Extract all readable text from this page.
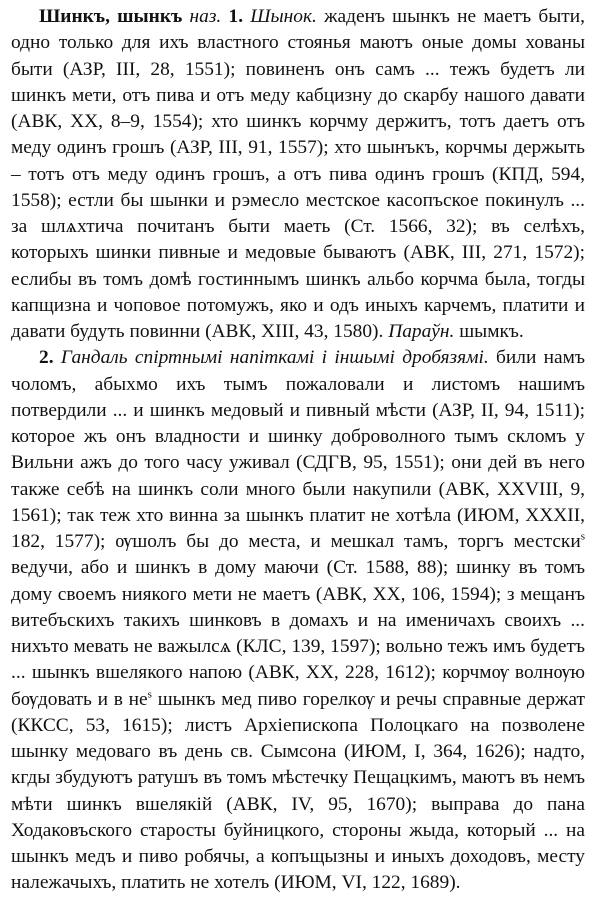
Шинкъ, шынкъ наз. 1. Шынок. жаденъ шынкъ не маетъ быти, одно только для ихъ властного стоянья маютъ оные домы хованы быти (АЗР, III, 28, 1551); повиненъ онъ самъ ... тежъ будетъ ли шинкъ мети, отъ пива и отъ меду кабцизну до скарбу нашого давати (АВК, XX, 8–9, 1554); хто шинкъ корчму держитъ, тотъ даетъ отъ меду одинъ грошъ (АЗР, III, 91, 1557); хто шынъкъ, корчмы держыть – тотъ отъ меду одинъ грошъ, а отъ пива одинъ грошъ (КПД, 594, 1558); естли бы шынки и рэмесло местское касопъское покинулъ ... за шлѧхтича почитанъ быти маеть (Ст. 1566, 32); въ селѣхъ, которыхъ шинки пивные и медовые бываютъ (АВК, III, 271, 1572); еслибы въ томъ домѣ гостиннымъ шинкъ альбо корчма была, тогды капщизна и чоповое потомужъ, яко и одъ иныхъ карчемъ, платити и давати будуть повинни (АВК, XIII, 43, 1580). Параўн. шымкъ.

2. Гандаль спіртнымі напіткамі і іншымі дробязямі. били намъ чоломъ, абыхмо ихъ тымъ пожаловали и листомъ нашимъ потвердили ... и шинкъ медовый и пивный мѣсти (АЗР, II, 94, 1511); которое жъ онъ владности и шинку доброволного тымъ скломъ у Вильни ажъ до того часу уживал (СДГВ, 95, 1551); они дей въ него также себѣ на шинкъ соли много были накупили (АВК, XXVIII, 9, 1561); так теж хто винна за шынкъ платит не хотѣла (ИЮМ, XXXII, 182, 1577); ѹшолъ бы до места, и мешкал тамъ, торгъ местски$^s$ ведучи, або и шинкъ в дому маючи (Ст. 1588, 88); шинку въ томъ дому своемъ ниякого мети не маетъ (АВК, XX, 106, 1594); з мещанъ витебъскихъ такихъ шинковъ в домахъ и на именичахъ своихъ ... нихъто мевать не важылсѧ (КЛС, 139, 1597); вольно тежъ имъ будетъ ... шынкъ вшелякого напою (АВК, XX, 228, 1612); корчмѹ волнѹю бѹдовать и в $не^s$ шынкъ мед пиво горелкѹ и речы справные держат (ККСС, 53, 1615); листъ Архіепископа Полоцкаго на позволене шынку медоваго въ день св. Сымсона (ИЮМ, I, 364, 1626); надто, кгды збудуютъ ратушъ въ томъ мѣстечку Пещацкимъ, маютъ въ немъ мѣти шинкъ вшелякій (АВК, IV, 95, 1670); выправа до пана Ходаковъского старосты буйницкого, стороны жыда, который ... на шынкъ медъ и пиво робячы, а копъщызны и иныхъ доходовъ, месту належачыхъ, платить не хотелъ (ИЮМ, VI, 122, 1689).
